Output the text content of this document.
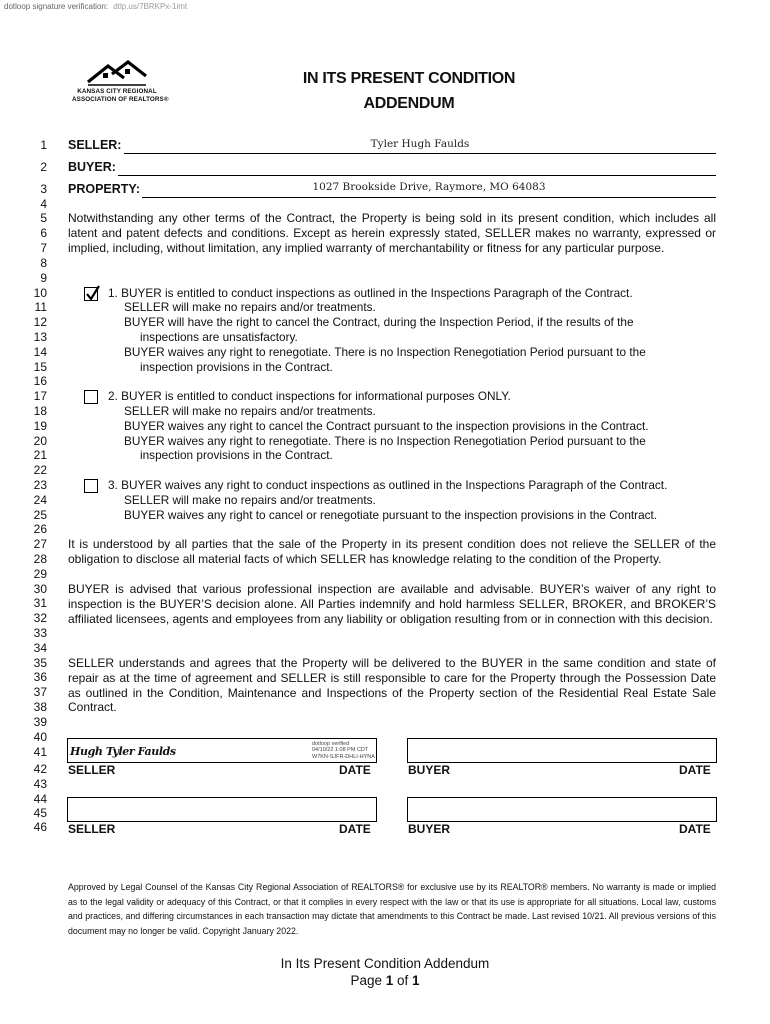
dotloop signature verification: dtlp.us/7BRKPx-1imt
KANSAS CITY REGIONAL
ASSOCIATION OF REALTORS®
IN ITS PRESENT CONDITION
ADDENDUM
1
2
3
4
5
6
7
8
9
10
11
12
13
14
15
16
17
18
19
20
21
22
23
24
25
26
27
28
29
30
31
32
33
34
35
36
37
38
39
40
41
42
43
44
45
46
SELLER:	Tyler Hugh Faulds
BUYER:
PROPERTY:	1027 Brookside Drive, Raymore, MO 64083
Notwithstanding any other terms of the Contract, the Property is being sold in its present condition, which includes all latent and patent defects and conditions. Except as herein expressly stated, SELLER makes no warranty, expressed or implied, including, without limitation, any implied warranty of merchantability or fitness for any particular purpose.
1. BUYER is entitled to conduct inspections as outlined in the Inspections Paragraph of the Contract.
SELLER will make no repairs and/or treatments.
BUYER will have the right to cancel the Contract, during the Inspection Period, if the results of the
inspections are unsatisfactory.
BUYER waives any right to renegotiate. There is no Inspection Renegotiation Period pursuant to the
inspection provisions in the Contract.
2. BUYER is entitled to conduct inspections for informational purposes ONLY.
SELLER will make no repairs and/or treatments.
BUYER waives any right to cancel the Contract pursuant to the inspection provisions in the Contract.
BUYER waives any right to renegotiate. There is no Inspection Renegotiation Period pursuant to the
inspection provisions in the Contract.
3. BUYER waives any right to conduct inspections as outlined in the Inspections Paragraph of the Contract.
SELLER will make no repairs and/or treatments.
BUYER waives any right to cancel or renegotiate pursuant to the inspection provisions in the Contract.
It is understood by all parties that the sale of the Property in its present condition does not relieve the SELLER of the obligation to disclose all material facts of which SELLER has knowledge relating to the condition of the Property.
BUYER is advised that various professional inspection are available and advisable. BUYER’s waiver of any right to inspection is the BUYER’S decision alone. All Parties indemnify and hold harmless SELLER, BROKER, and BROKER’S affiliated licensees, agents and employees from any liability or obligation resulting from or in connection with this decision.
SELLER understands and agrees that the Property will be delivered to the BUYER in the same condition and state of repair as at the time of agreement and SELLER is still responsible to care for the Property through the Possession Date as outlined in the Condition, Maintenance and Inspections of the Property section of the Residential Real Estate Sale Contract.
Hugh Tyler Faulds
dotloop verified
04/10/22 1:08 PM CDT
W7KN-SJFR-DHLI-HYNA
SELLER	DATE	BUYER	DATE
SELLER	DATE	BUYER	DATE
Approved by Legal Counsel of the Kansas City Regional Association of REALTORS® for exclusive use by its REALTOR® members. No warranty is made or implied as to the legal validity or adequacy of this Contract, or that it complies in every respect with the law or that its use is appropriate for all situations. Local law, customs and practices, and differing circumstances in each transaction may dictate that amendments to this Contract be made. Last revised 10/21. All previous versions of this document may no longer be valid. Copyright January 2022.
In Its Present Condition Addendum
Page 1 of 1
